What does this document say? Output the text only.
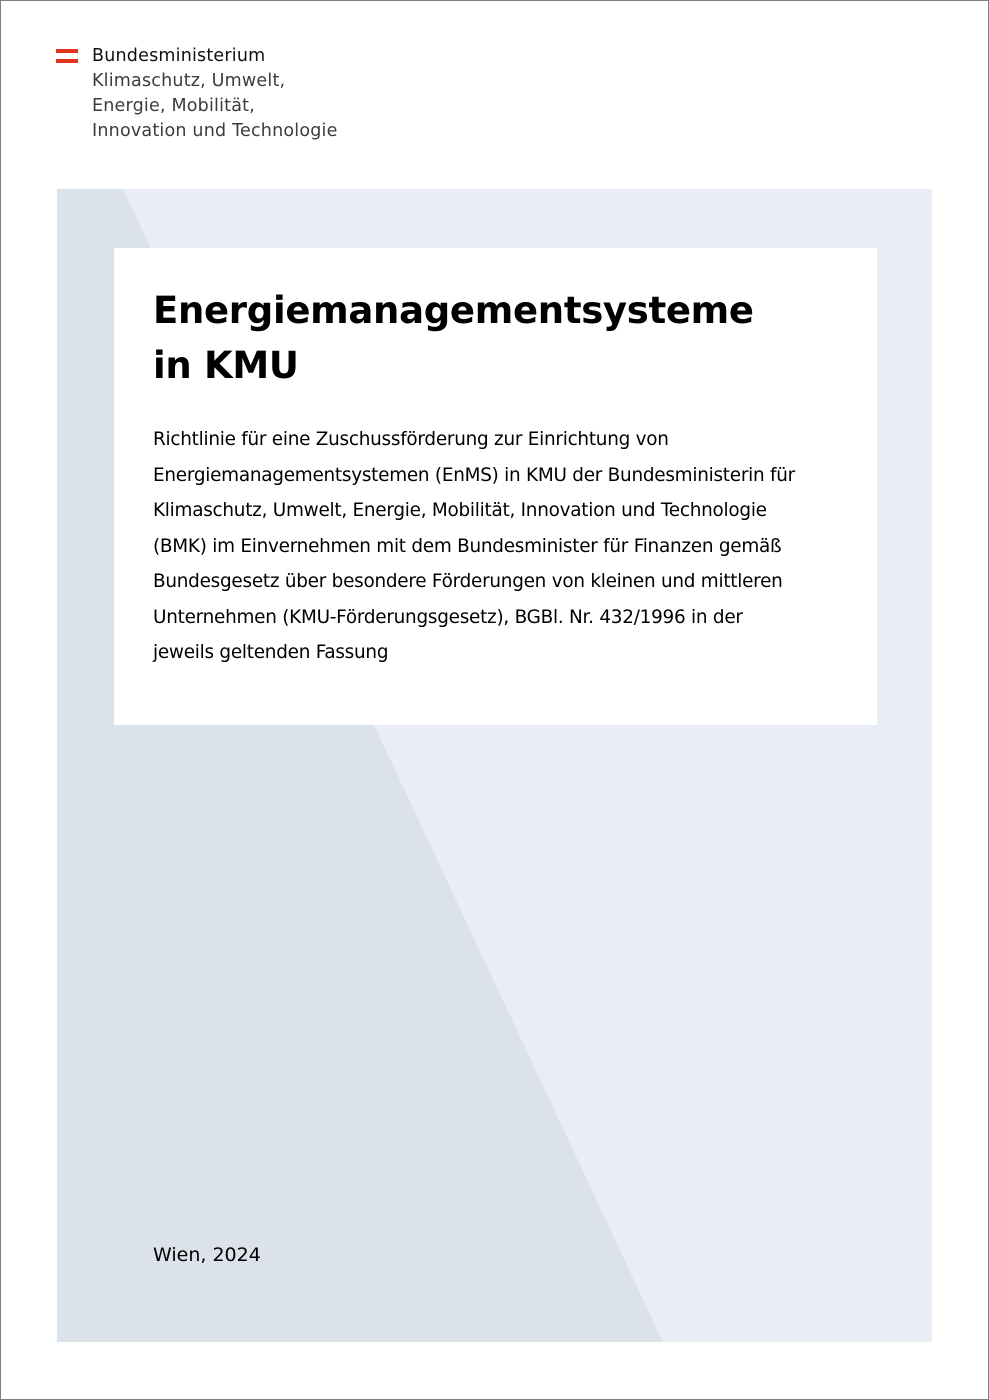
Bundesministerium
Klimaschutz, Umwelt,
Energie, Mobilität,
Innovation und Technologie
Energiemanagementsysteme
in KMU

Richtlinie für eine Zuschussförderung zur Einrichtung von
Energiemanagementsystemen (EnMS) in KMU der Bundesministerin für
Klimaschutz, Umwelt, Energie, Mobilität, Innovation und Technologie
(BMK) im Einvernehmen mit dem Bundesminister für Finanzen gemäß
Bundesgesetz über besondere Förderungen von kleinen und mittleren
Unternehmen (KMU-Förderungsgesetz), BGBl. Nr. 432/1996 in der
jeweils geltenden Fassung

Wien, 2024
